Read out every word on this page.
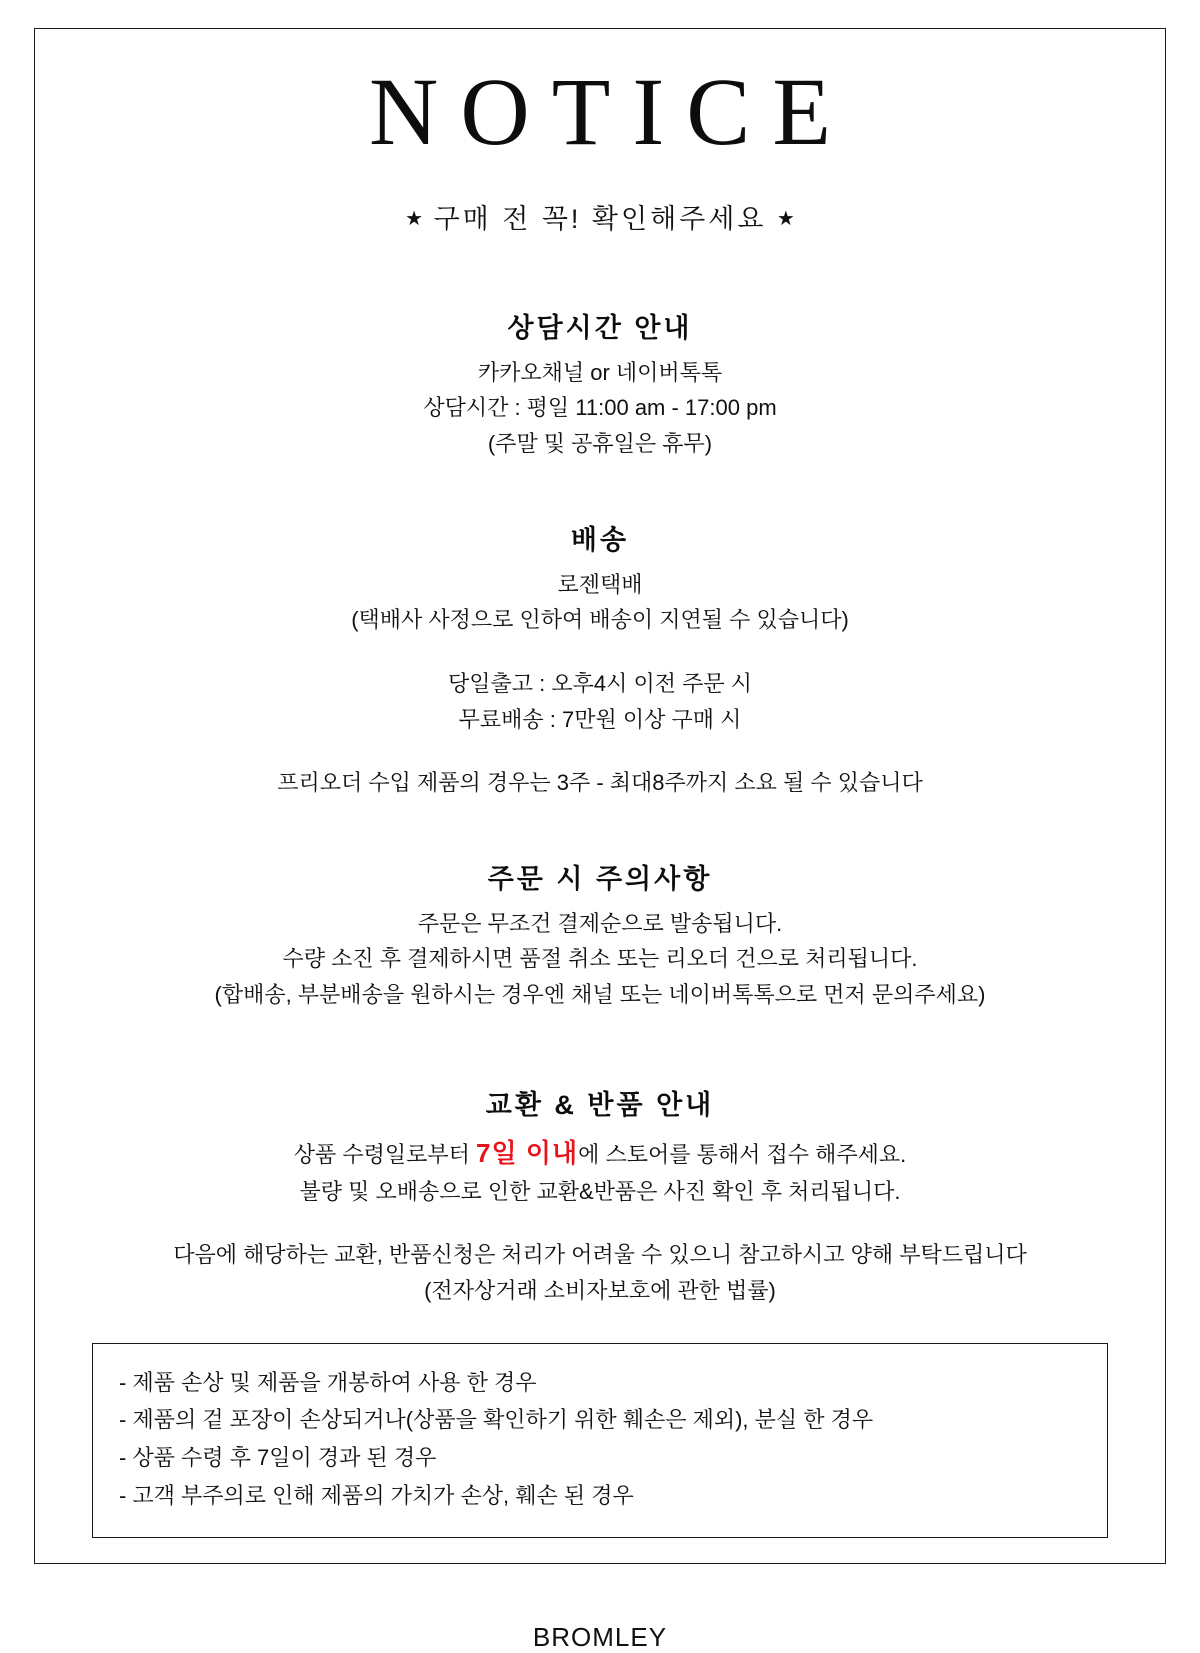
NOTICE
★ 구매 전 꼭! 확인해주세요 ★
상담시간 안내
카카오채널 or 네이버톡톡
상담시간 : 평일 11:00 am - 17:00 pm
(주말 및 공휴일은 휴무)
배송
로젠택배
(택배사 사정으로 인하여 배송이 지연될 수 있습니다)
당일출고 : 오후4시 이전 주문 시
무료배송 : 7만원 이상 구매 시
프리오더 수입 제품의 경우는 3주 - 최대8주까지 소요 될 수 있습니다
주문 시 주의사항
주문은 무조건 결제순으로 발송됩니다.
수량 소진 후 결제하시면 품절 취소 또는 리오더 건으로 처리됩니다.
(합배송, 부분배송을 원하시는 경우엔 채널 또는 네이버톡톡으로 먼저 문의주세요)
교환 & 반품 안내
상품 수령일로부터 7일 이내에 스토어를 통해서 접수 해주세요.
불량 및 오배송으로 인한 교환&반품은 사진 확인 후 처리됩니다.
다음에 해당하는 교환, 반품신청은 처리가 어려울 수 있으니 참고하시고 양해 부탁드립니다
(전자상거래 소비자보호에 관한 법률)
- 제품 손상 및 제품을 개봉하여 사용 한 경우
- 제품의 겉 포장이 손상되거나(상품을 확인하기 위한 훼손은 제외), 분실 한 경우
- 상품 수령 후 7일이 경과 된 경우
- 고객 부주의로 인해 제품의 가치가 손상, 훼손 된 경우
BROMLEY
